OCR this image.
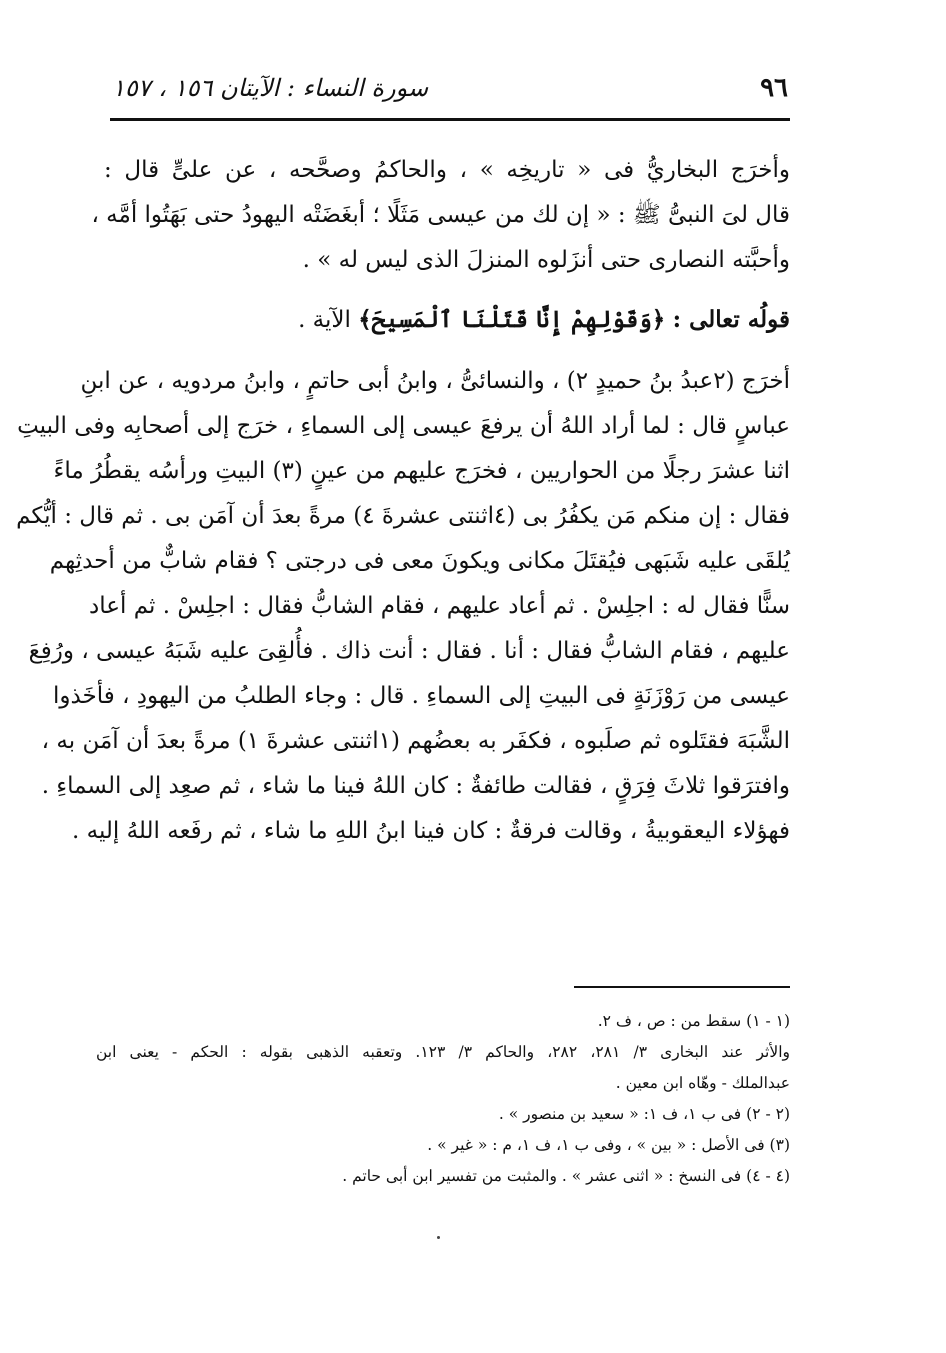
٩٦
سورة النساء : الآيتان ١٥٦ ، ١٥٧
وأخرَج البخاريُّ فى « تاريخِه » ، والحاكمُ وصحَّحه ، عن علىٍّ قال :
قال لىَ النبىُّ ﷺ : « إن لك من عيسى مَثَلًا ؛ أبغَضَتْه اليهودُ حتى بَهَتُوا أمَّه ،
وأحبَّته النصارى حتى أنزَلوه المنزلَ الذى ليس له » .
قولُه تعالى : ﴿وَقَوْلِهِمْ إِنَّا قَتَلْنَا ٱلْمَسِيحَ﴾ الآية .
أخرَج (٢عبدُ بنُ حميدٍ ٢) ، والنسائىُّ ، وابنُ أبى حاتمٍ ، وابنُ مردويه ، عن ابنِ
عباسٍ قال : لما أراد اللهُ أن يرفعَ عيسى إلى السماءِ ، خرَج إلى أصحابِه وفى البيتِ
اثنا عشرَ رجلًا من الحواريين ، فخرَج عليهم من عينٍ (٣) البيتِ ورأسُه يقطُرُ ماءً
فقال : إن منكم مَن يكفُرُ بى (٤اثنتى عشرةَ ٤) مرةً بعدَ أن آمَن بى . ثم قال : أيُّكم
يُلقَى عليه شَبَهى فيُقتَلَ مكانى ويكونَ معى فى درجتى ؟ فقام شابٌّ من أحدثِهم
سنًّا فقال له : اجلِسْ . ثم أعاد عليهم ، فقام الشابُّ فقال : اجلِسْ . ثم أعاد
عليهم ، فقام الشابُّ فقال : أنا . فقال : أنت ذاك . فأُلقِىَ عليه شَبَهُ عيسى ، ورُفِعَ
عيسى من رَوْزَنَةٍ فى البيتِ إلى السماءِ . قال : وجاء الطلبُ من اليهودِ ، فأخَذوا
الشَّبَهَ فقتَلوه ثم صلَبوه ، فكفَر به بعضُهم (١اثنتى عشرةَ ١) مرةً بعدَ أن آمَن به ،
وافترَقوا ثلاثَ فِرَقٍ ، فقالت طائفةٌ : كان اللهُ فينا ما شاء ، ثم صعِد إلى السماءِ .
فهؤلاء اليعقوبيةُ ، وقالت فرقةٌ : كان فينا ابنُ اللهِ ما شاء ، ثم رفَعه اللهُ إليه .
(١ - ١) سقط من : ص ، ف ٢.
والأثر عند البخارى ٣/ ٢٨١، ٢٨٢، والحاكم ٣/ ١٢٣. وتعقبه الذهبى بقوله : الحكم - يعنى ابن
عبدالملك - وهّاه ابن معين .
(٢ - ٢) فى ب ١، ف ١: « سعيد بن منصور » .
(٣) فى الأصل : « بين » ، وفى ب ١، ف ١، م : « غير » .
(٤ - ٤) فى النسخ : « اثنى عشر » . والمثبت من تفسير ابن أبى حاتم .
